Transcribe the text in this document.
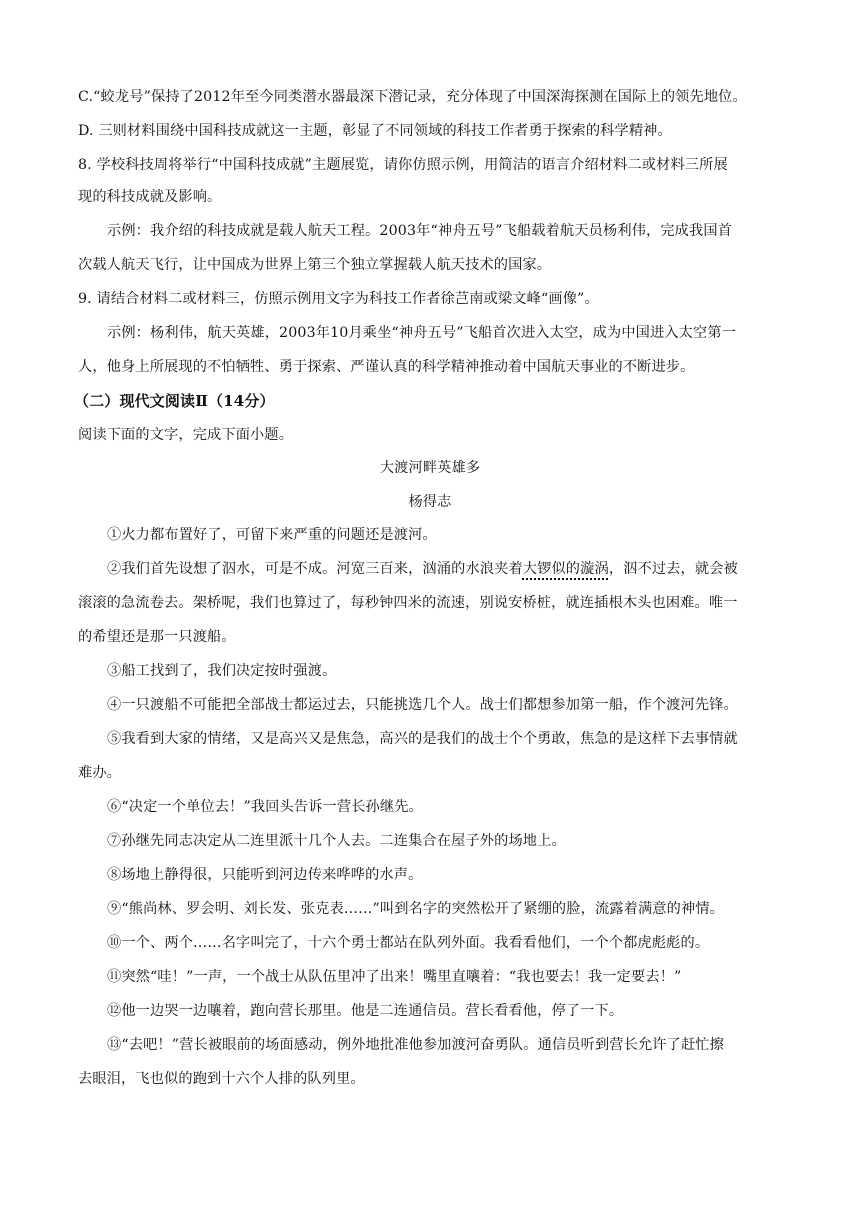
C.“蛟龙号”保持了2012年至今同类潜水器最深下潜记录，充分体现了中国深海探测在国际上的领先地位。
D. 三则材料围绕中国科技成就这一主题，彰显了不同领域的科技工作者勇于探索的科学精神。
8. 学校科技周将举行“中国科技成就”主题展览，请你仿照示例，用简洁的语言介绍材料二或材料三所展
现的科技成就及影响。
示例：我介绍的科技成就是载人航天工程。2003年“神舟五号”飞船载着航天员杨利伟，完成我国首
次载人航天飞行，让中国成为世界上第三个独立掌握载人航天技术的国家。
9. 请结合材料二或材料三，仿照示例用文字为科技工作者徐芑南或梁文峰“画像”。
示例：杨利伟，航天英雄，2003年10月乘坐“神舟五号”飞船首次进入太空，成为中国进入太空第一
人，他身上所展现的不怕牺牲、勇于探索、严谨认真的科学精神推动着中国航天事业的不断进步。
（二）现代文阅读Ⅱ（14分）
阅读下面的文字，完成下面小题。
大渡河畔英雄多
杨得志
①火力都布置好了，可留下来严重的问题还是渡河。
②我们首先设想了泅水，可是不成。河宽三百来，汹涌的水浪夹着大锣似的漩涡，泅不过去，就会被
滚滚的急流卷去。架桥呢，我们也算过了，每秒钟四米的流速，别说安桥桩，就连插根木头也困难。唯一
的希望还是那一只渡船。
③船工找到了，我们决定按时强渡。
④一只渡船不可能把全部战士都运过去，只能挑选几个人。战士们都想参加第一船，作个渡河先锋。
⑤我看到大家的情绪，又是高兴又是焦急，高兴的是我们的战士个个勇敢，焦急的是这样下去事情就
难办。
⑥“决定一个单位去！”我回头告诉一营长孙继先。
⑦孙继先同志决定从二连里派十几个人去。二连集合在屋子外的场地上。
⑧场地上静得很，只能听到河边传来哗哗的水声。
⑨“熊尚林、罗会明、刘长发、张克表……”叫到名字的突然松开了紧绷的脸，流露着满意的神情。
⑩一个、两个……名字叫完了，十六个勇士都站在队列外面。我看看他们，一个个都虎彪彪的。
⑪突然“哇！”一声，一个战士从队伍里冲了出来！嘴里直嚷着：“我也要去！我一定要去！”
⑫他一边哭一边嚷着，跑向营长那里。他是二连通信员。营长看看他，停了一下。
⑬“去吧！”营长被眼前的场面感动，例外地批准他参加渡河奋勇队。通信员听到营长允许了赶忙擦
去眼泪，飞也似的跑到十六个人排的队列里。
